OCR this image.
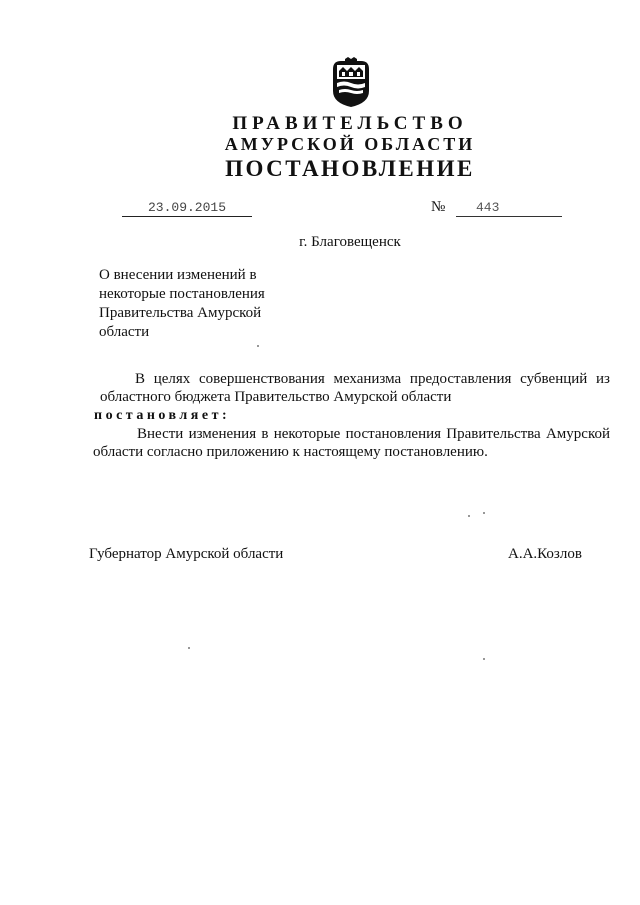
ПРАВИТЕЛЬСТВО
АМУРСКОЙ ОБЛАСТИ
ПОСТАНОВЛЕНИЕ
23.09.2015	№	443
г. Благовещенск
О внесении изменений в
некоторые постановления
Правительства Амурской
области
В целях совершенствования механизма предоставления субвенций из областного бюджета Правительство Амурской области
постановляет:
Внести изменения в некоторые постановления Правительства Амурской области согласно приложению к настоящему постановлению.
Губернатор Амурской области	А.А.Козлов
